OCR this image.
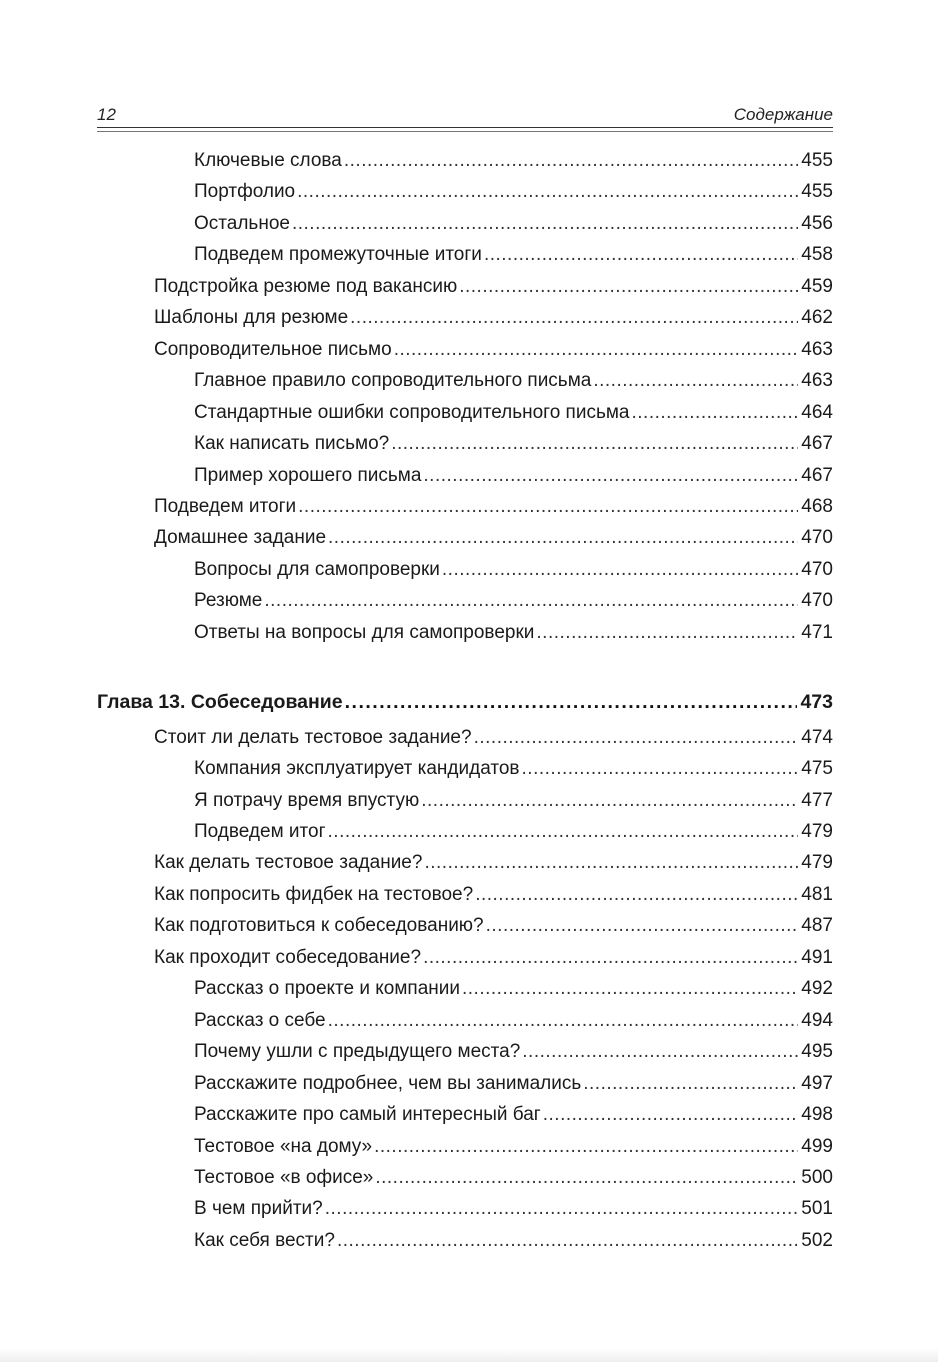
12	Содержание
Ключевые слова .....	455
Портфолио .....	455
Остальное .....	456
Подведем промежуточные итоги .....	458
Подстройка резюме под вакансию .....	459
Шаблоны для резюме .....	462
Сопроводительное письмо .....	463
Главное правило сопроводительного письма .....	463
Стандартные ошибки сопроводительного письма .....	464
Как написать письмо? .....	467
Пример хорошего письма .....	467
Подведем итоги .....	468
Домашнее задание .....	470
Вопросы для самопроверки .....	470
Резюме .....	470
Ответы на вопросы для самопроверки .....	471
Глава 13. Собеседование .....	473
Стоит ли делать тестовое задание? .....	474
Компания эксплуатирует кандидатов .....	475
Я потрачу время впустую .....	477
Подведем итог .....	479
Как делать тестовое задание? .....	479
Как попросить фидбек на тестовое? .....	481
Как подготовиться к собеседованию? .....	487
Как проходит собеседование? .....	491
Рассказ о проекте и компании .....	492
Рассказ о себе .....	494
Почему ушли с предыдущего места? .....	495
Расскажите подробнее, чем вы занимались .....	497
Расскажите про самый интересный баг .....	498
Тестовое «на дому» .....	499
Тестовое «в офисе» .....	500
В чем прийти? .....	501
Как себя вести? .....	502
